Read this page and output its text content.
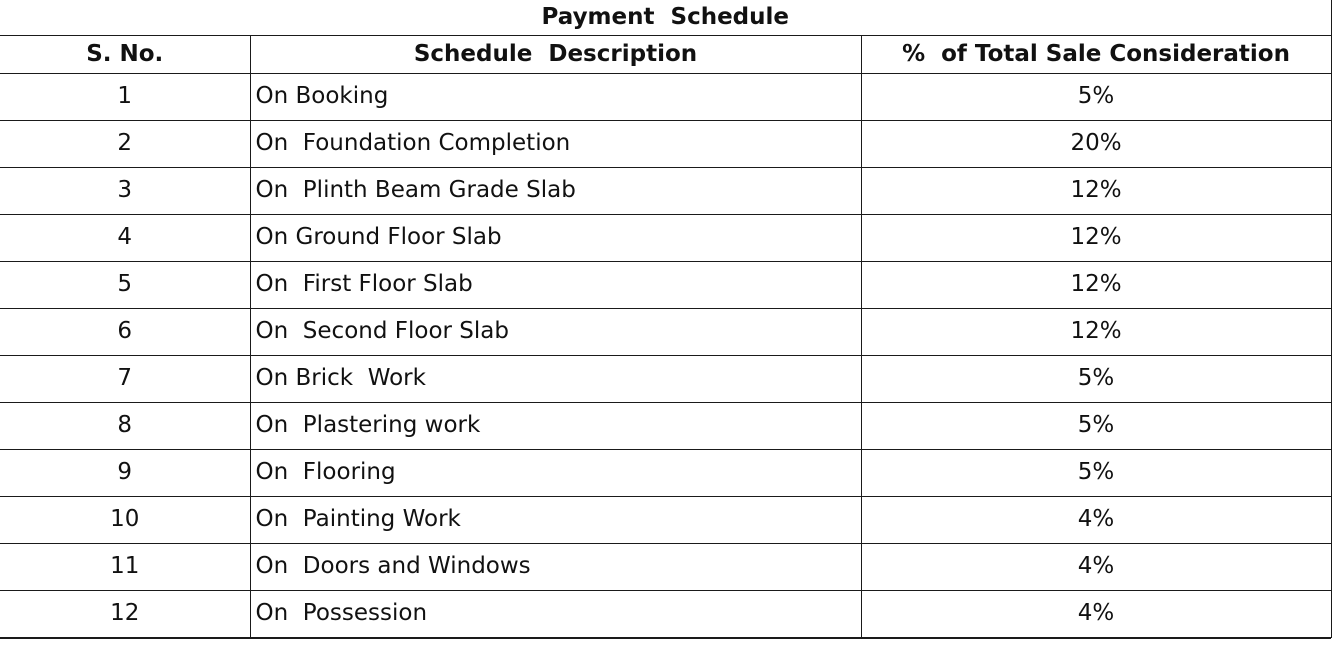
Payment  Schedule		
S. No.	Schedule  Description	%  of Total Sale Consideration
1	On Booking	5%
2	On  Foundation Completion	20%
3	On  Plinth Beam Grade Slab	12%
4	On Ground Floor Slab	12%
5	On  First Floor Slab	12%
6	On  Second Floor Slab	12%
7	On Brick  Work	5%
8	On  Plastering work	5%
9	On  Flooring	5%
10	On  Painting Work	4%
11	On  Doors and Windows	4%
12	On  Possession	4%
